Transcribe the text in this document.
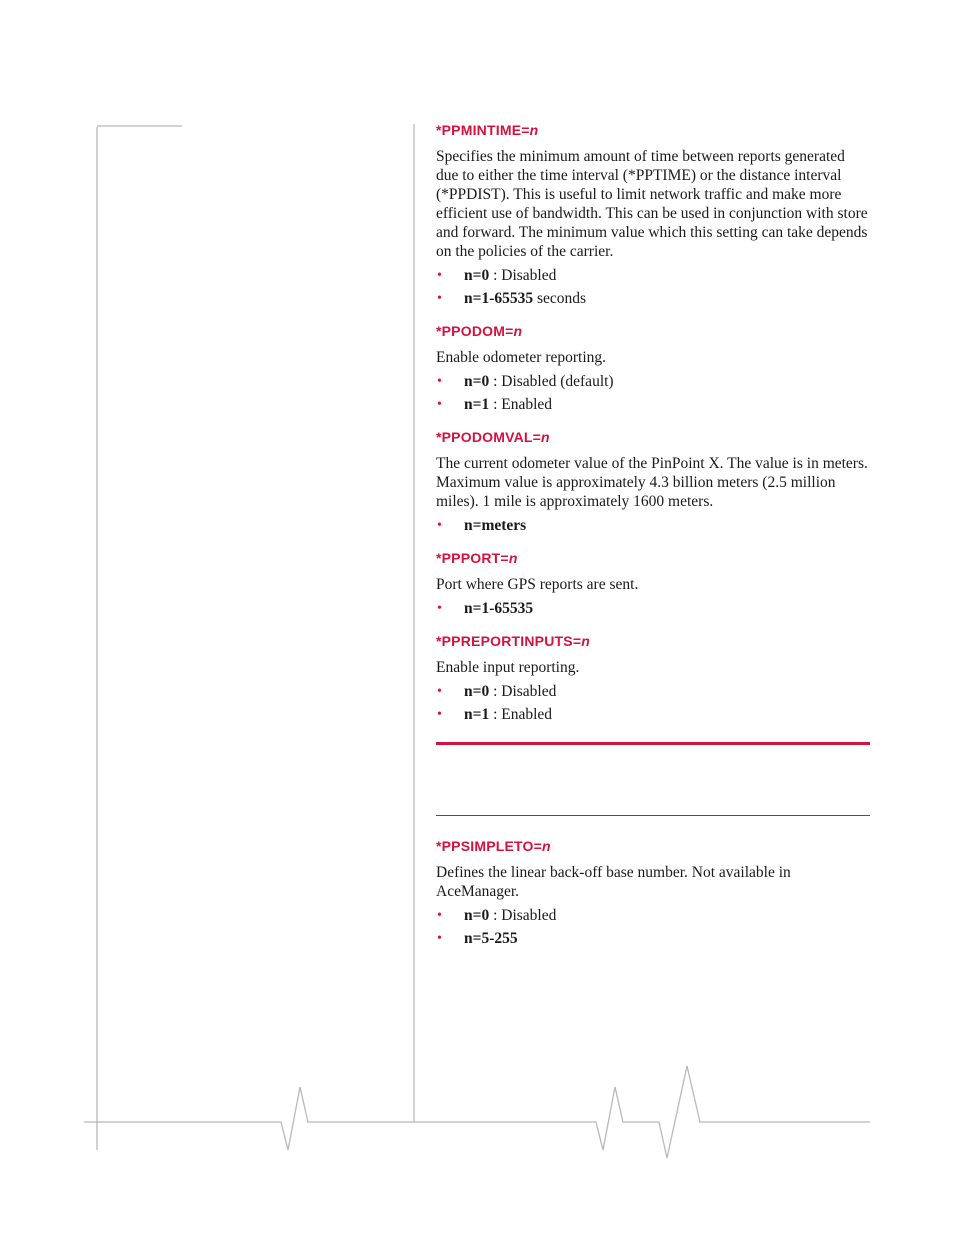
*PPMINTIME=n
Specifies the minimum amount of time between reports generated due to either the time interval (*PPTIME) or the distance interval (*PPDIST). This is useful to limit network traffic and make more efficient use of bandwidth. This can be used in conjunction with store and forward. The minimum value which this setting can take depends on the policies of the carrier.
• n=0 : Disabled
• n=1-65535 seconds
*PPODOM=n
Enable odometer reporting.
• n=0 : Disabled (default)
• n=1 : Enabled
*PPODOMVAL=n
The current odometer value of the PinPoint X. The value is in meters. Maximum value is approximately 4.3 billion meters (2.5 million miles). 1 mile is approximately 1600 meters.
• n=meters
*PPPORT=n
Port where GPS reports are sent.
• n=1-65535
*PPREPORTINPUTS=n
Enable input reporting.
• n=0 : Disabled
• n=1 : Enabled
*PPSIMPLETO=n
Defines the linear back-off base number. Not available in AceManager.
• n=0 : Disabled
• n=5-255
